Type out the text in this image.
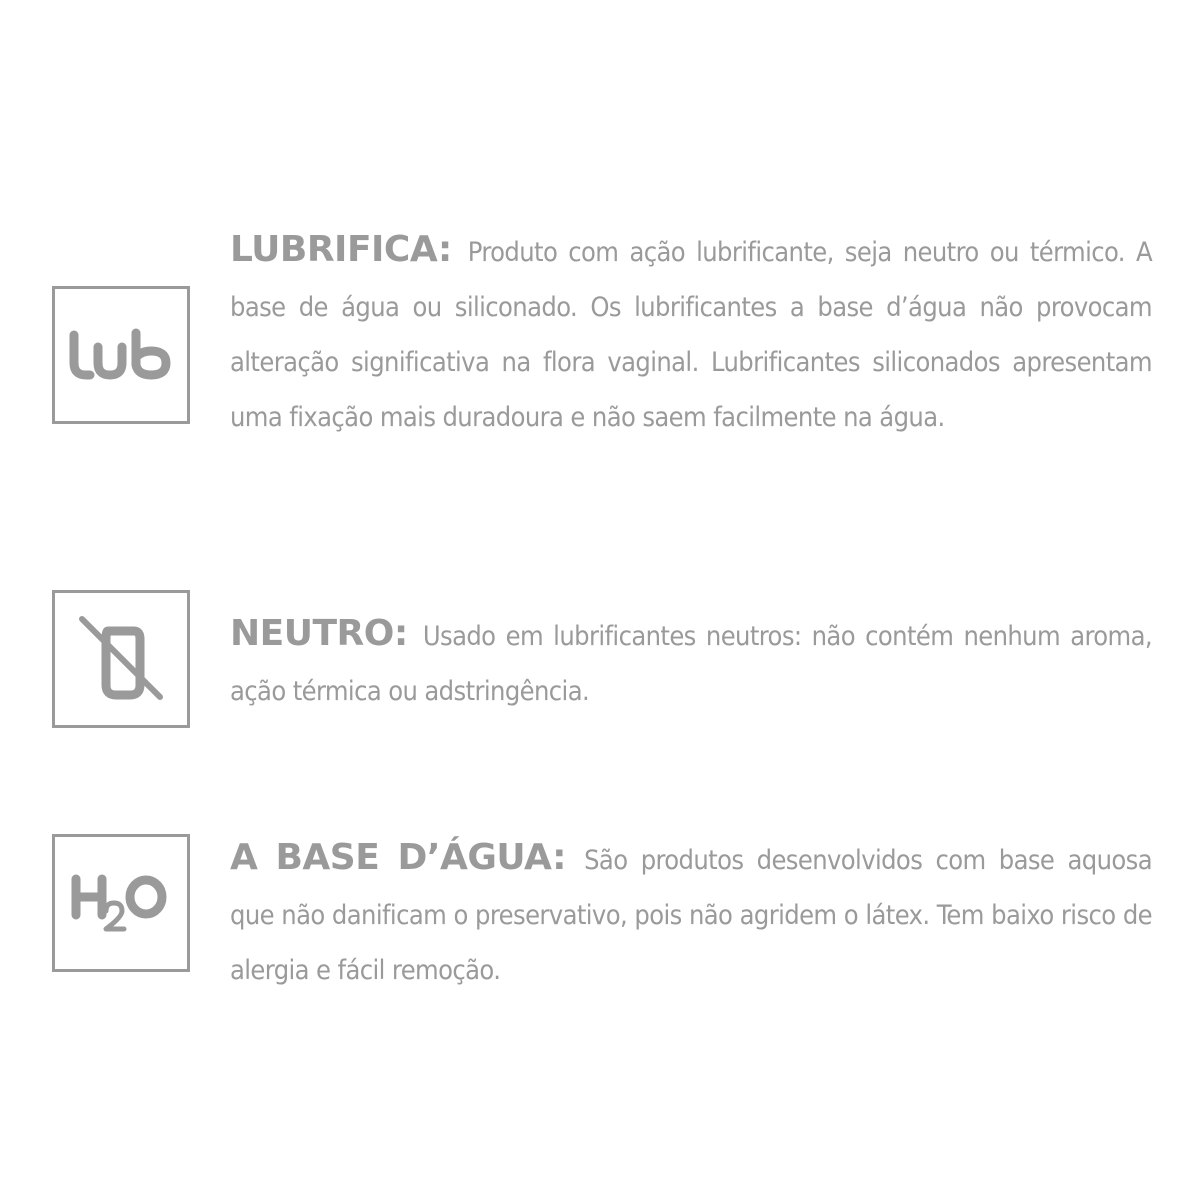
LUBRIFICA: Produto com ação lubrificante, seja neutro ou térmico. A base de água ou siliconado. Os lubrificantes a base d’água não provocam alteração significativa na flora vaginal. Lubrificantes siliconados apresentam uma fixação mais duradoura e não saem facilmente na água.
NEUTRO: Usado em lubrificantes neutros: não contém nenhum aroma, ação térmica ou adstringência.
A BASE D’ÁGUA: São produtos desenvolvidos com base aquosa que não danificam o preservativo, pois não agridem o látex. Tem baixo risco de alergia e fácil remoção.
